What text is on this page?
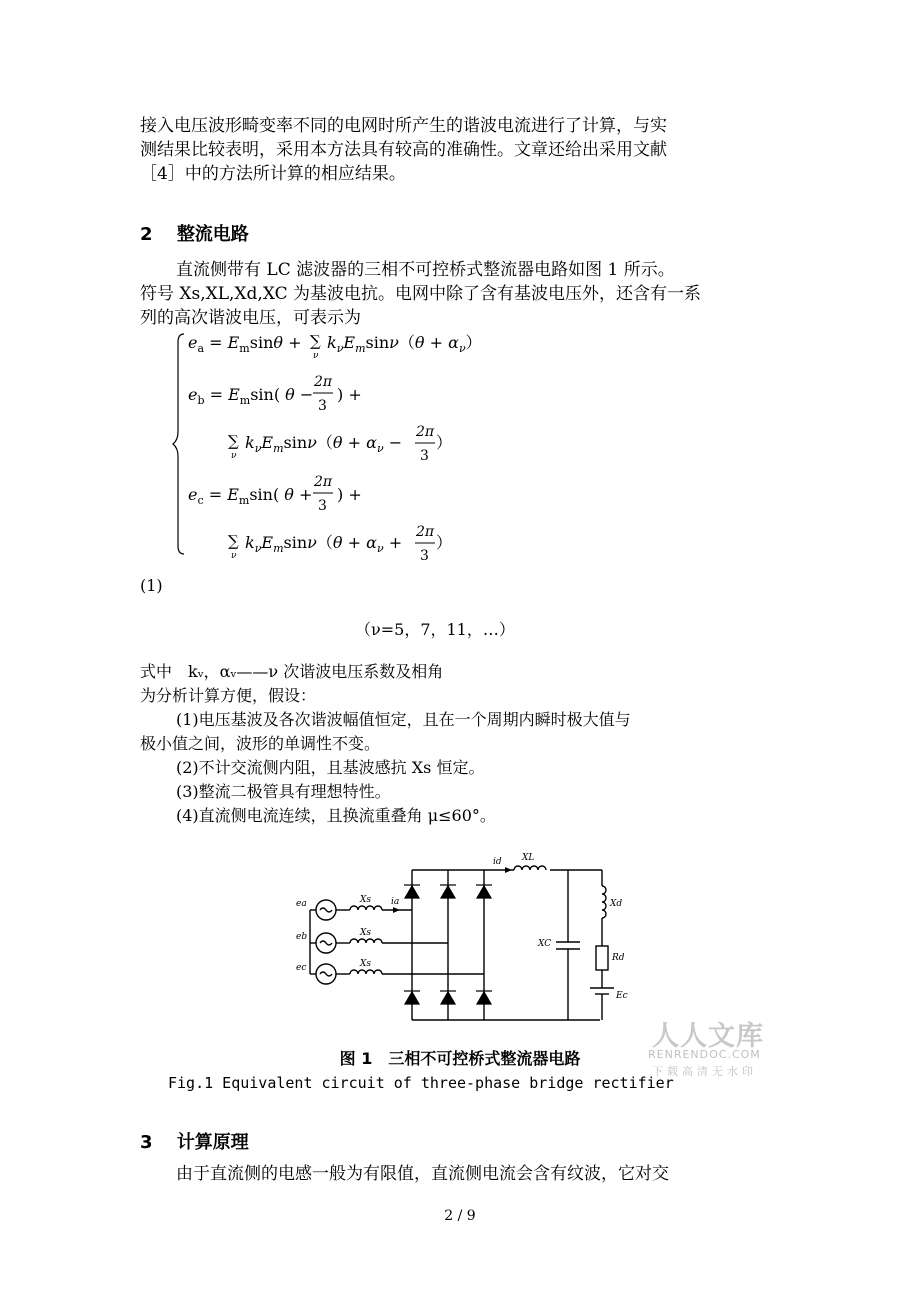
接入电压波形畸变率不同的电网时所产生的谐波电流进行了计算，与实
测结果比较表明，采用本方法具有较高的准确性。文章还给出采用文献
［4］中的方法所计算的相应结果。
2 整流电路
直流侧带有 LC 滤波器的三相不可控桥式整流器电路如图 1 所示。
符号 Xs,XL,Xd,XC 为基波电抗。电网中除了含有基波电压外，还含有一系
列的高次谐波电压，可表示为
$e_a = E_m\sin\theta$ + ∑
ν
$k_\nu E_m\sin\nu(\theta + \alpha_\nu)$
$e_b = E_m\sin$( θ −
2π
3
) +
∑
ν
$k_\nu E_m\sin\nu(\theta + \alpha_\nu$ −
2π
3
）
$e_c = E_m\sin$( θ +
2π
3
) +
∑
ν
$k_\nu E_m\sin\nu(\theta + \alpha_\nu$ +
2π
3
）
(1)
（ν=5，7，11，…）
式中　kᵥ，αᵥ——ν 次谐波电压系数及相角
为分析计算方便，假设：
(1)电压基波及各次谐波幅值恒定，且在一个周期内瞬时极大值与
极小值之间，波形的单调性不变。
(2)不计交流侧内阻，且基波感抗 Xs 恒定。
(3)整流二极管具有理想特性。
(4)直流侧电流连续，且换流重叠角 μ≤60°。
ea
eb
ec
Xs
Xs
Xs
ia
id XL
XC
Xd
Rd
Ec
图 1　三相不可控桥式整流器电路
Fig.1 Equivalent circuit of three-phase bridge rectifier
3 计算原理
由于直流侧的电感一般为有限值，直流侧电流会含有纹波，它对交
2 / 9
人人文库
RENRENDOC.COM
下载高清无水印
